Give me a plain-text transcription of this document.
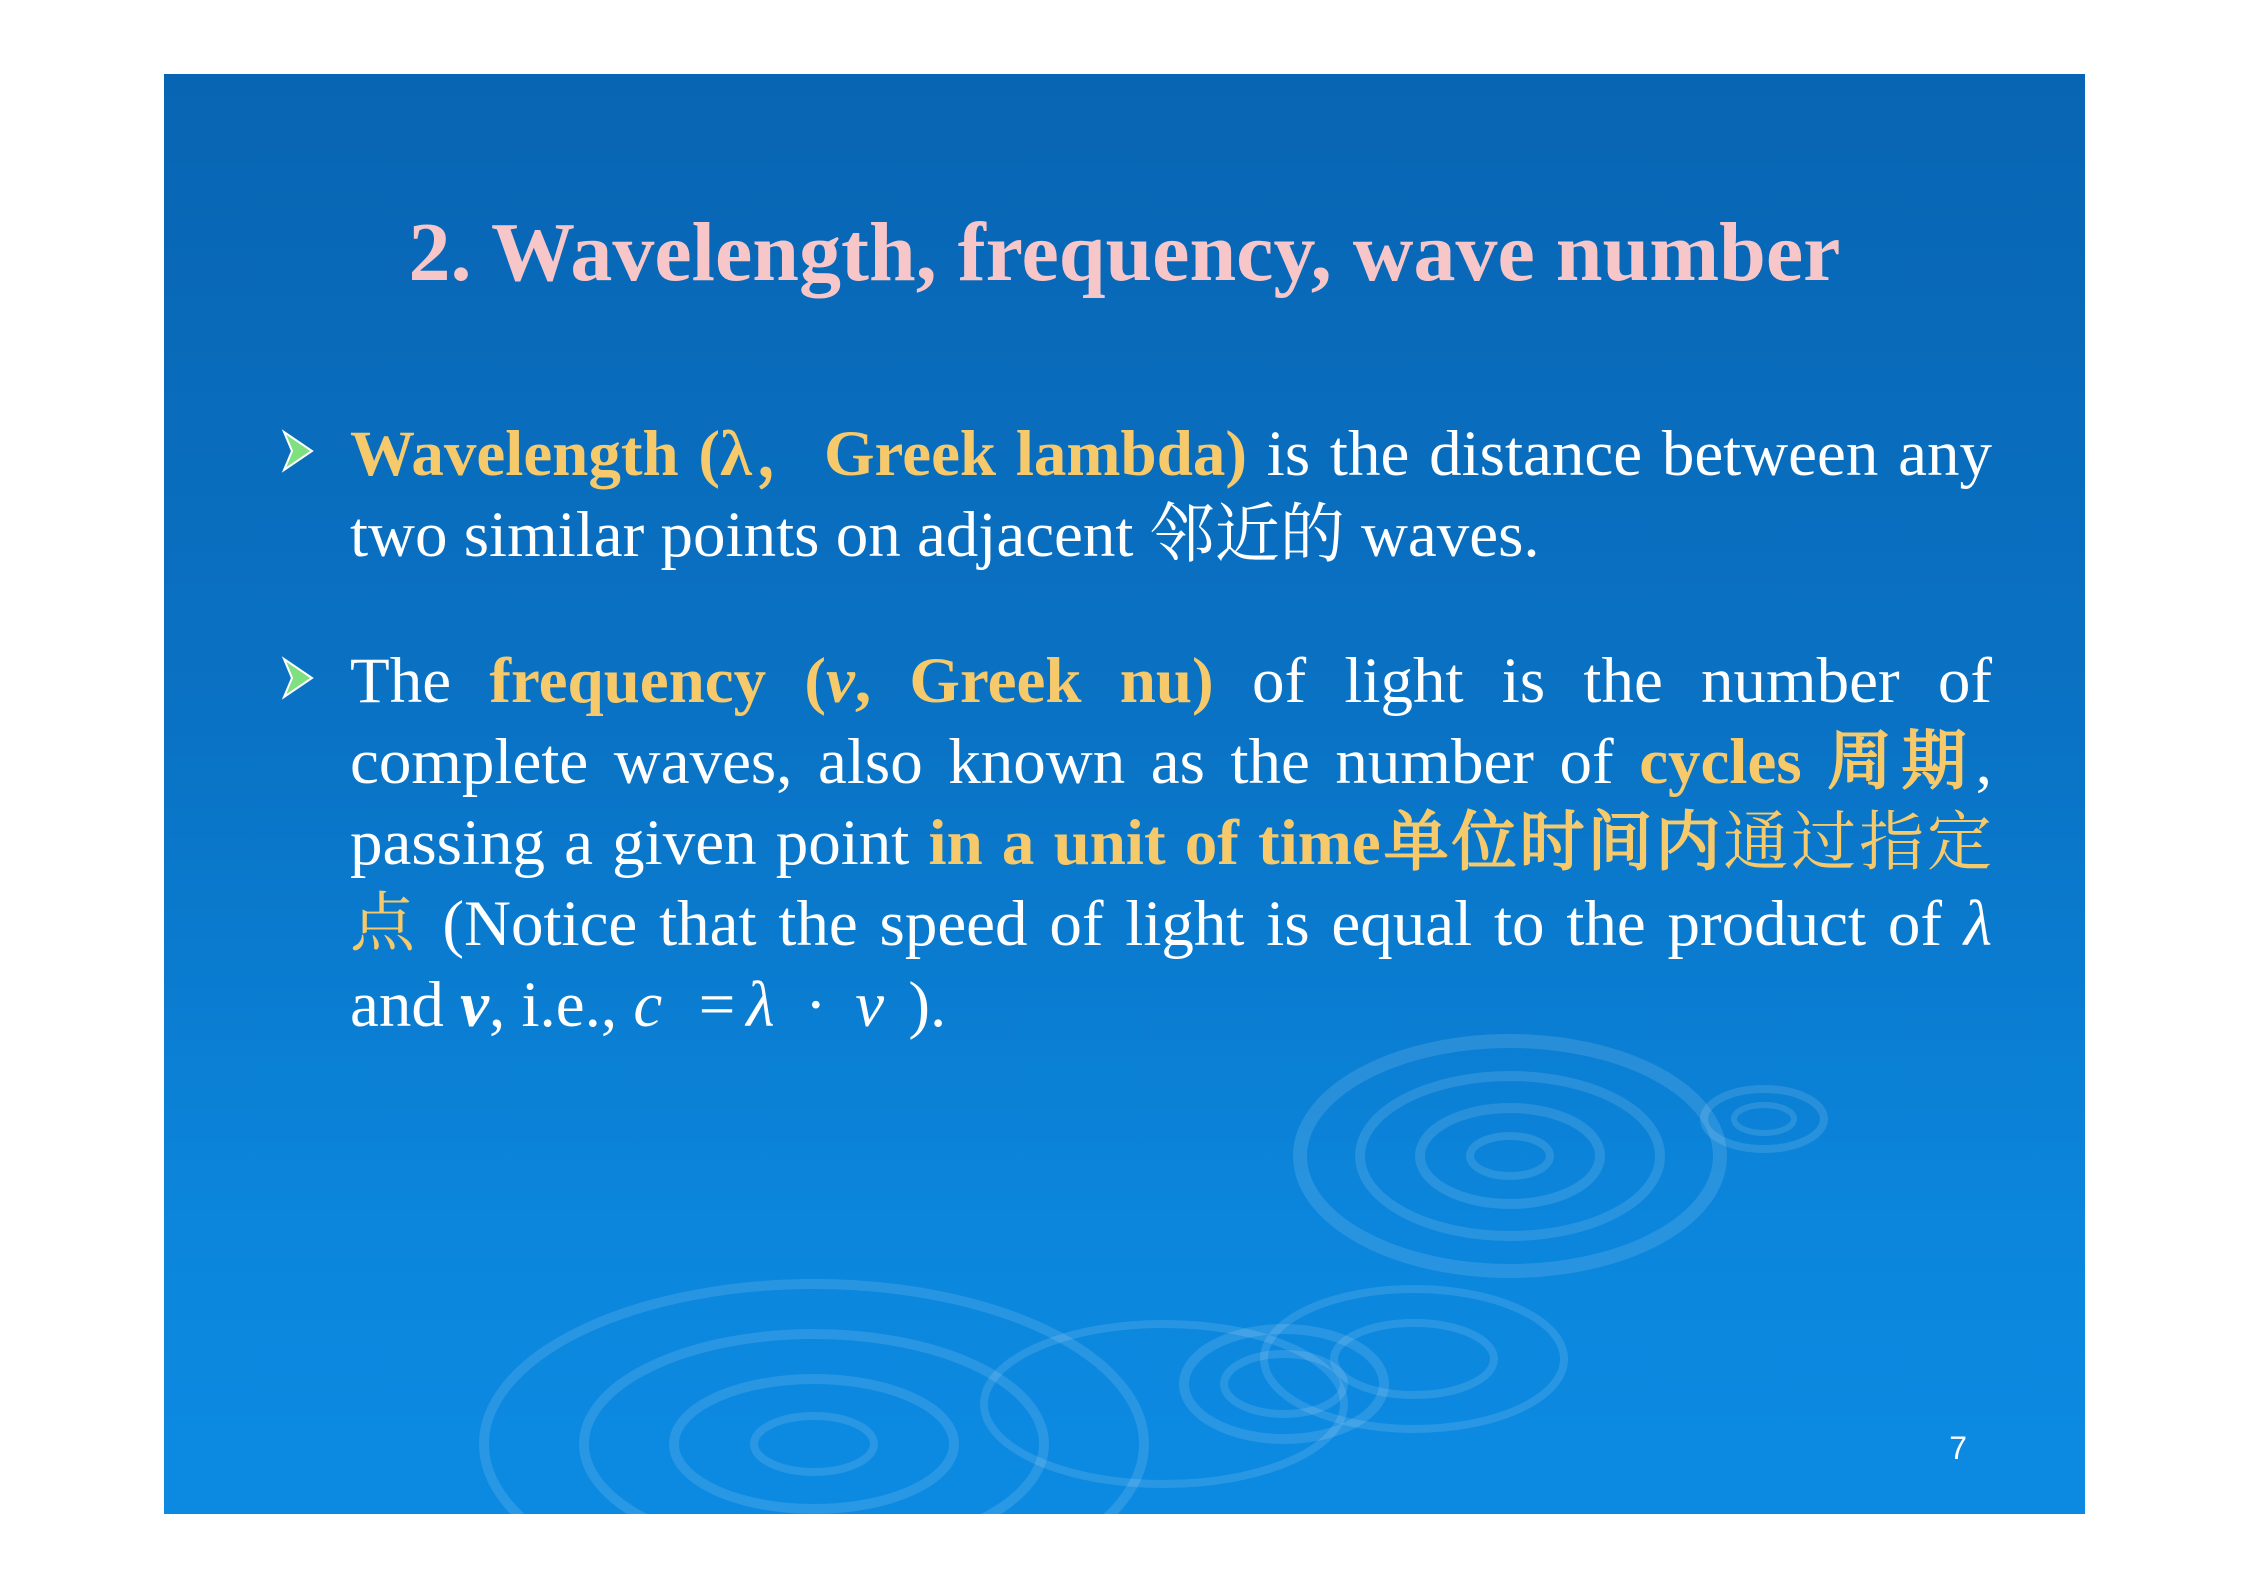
2. Wavelength, frequency, wave number
Wavelength (λ，Greek lambda) is the distance between any two similar points on adjacent 邻近的 waves.
The frequency (ν, Greek nu) of light is the number of complete waves, also known as the number of cycles 周期, passing a given point in a unit of time单位时间内通过指定点 (Notice that the speed of light is equal to the product of λ and ν, i.e., c =λ · ν ).
7
